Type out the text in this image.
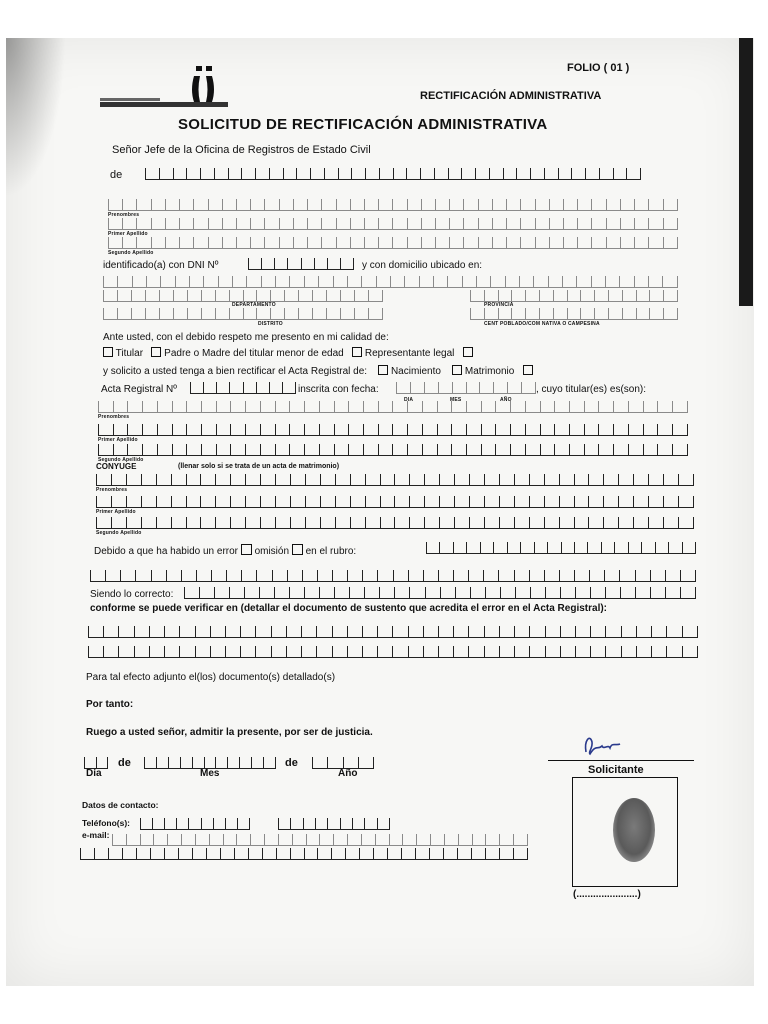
FOLIO ( 01 )
RECTIFICACIÓN ADMINISTRATIVA
SOLICITUD DE RECTIFICACIÓN ADMINISTRATIVA
Señor Jefe de la Oficina de Registros de Estado Civil
de
Prenombres
Primer Apellido
Segundo Apellido
identificado(a) con DNI Nº	y con domicilio ubicado en:
DEPARTAMENTO	PROVINCIA
DISTRITO	CENT POBLADO/COM NATIVA O CAMPESINA
Ante usted, con el debido respeto me presento en mi calidad de:
Titular Padre o Madre del titular menor de edad Representante legal
y solicito a usted tenga a bien rectificar el Acta Registral de: Nacimiento Matrimonio
Acta Registral Nº	inscrita con fecha:	, cuyo titular(es) es(son):
DIA	MES	AÑO
Prenombres
Primer Apellido
Segundo Apellido
CONYUGE	(llenar solo si se trata de un acta de matrimonio)
Prenombres
Primer Apellido
Segundo Apellido
Debido a que ha habido un error omisión en el rubro:
Siendo lo correcto:
conforme se puede verificar en (detallar el documento de sustento que acredita el error en el Acta Registral):
Para tal efecto adjunto el(los) documento(s) detallado(s)
Por tanto:
Ruego a usted señor, admitir la presente, por ser de justicia.
de	de
Día	Mes	Año
Datos de contacto:
Teléfono(s):
e-mail:
Solicitante
(......................)
